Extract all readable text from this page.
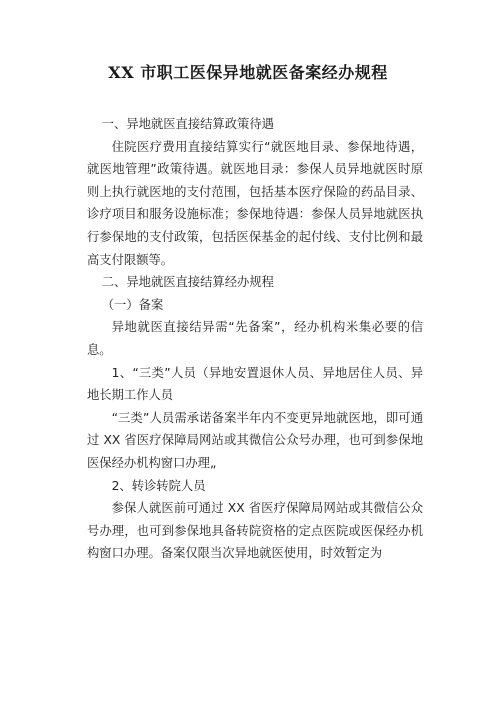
XX 市职工医保异地就医备案经办规程

一、异地就医直接结算政策待遇

住院医疗费用直接结算实行“就医地目录、参保地待遇，就医地管理”政策待遇。就医地目录：参保人员异地就医时原则上执行就医地的支付范围，包括基本医疗保险的药品目录、诊疗项目和服务设施标准；参保地待遇：参保人员异地就医执行参保地的支付政策，包括医保基金的起付线、支付比例和最高支付限额等。

二、异地就医直接结算经办规程

（一）备案

异地就医直接结异需“先备案”，经办机构米集必要的信息。

1、“三类”人员（异地安置退休人员、异地居住人员、异地长期工作人员

“三类”人员需承诺备案半年内不变更异地就医地，即可通过 XX 省医疗保障局网站或其微信公众号办理，也可到参保地医保经办机构窗口办理„

2、转诊转院人员

参保人就医前可通过 XX 省医疗保障局网站或其微信公众号办理，也可到参保地具备转院资格的定点医院或医保经办机构窗口办理。备案仅限当次异地就医使用，时效暂定为
